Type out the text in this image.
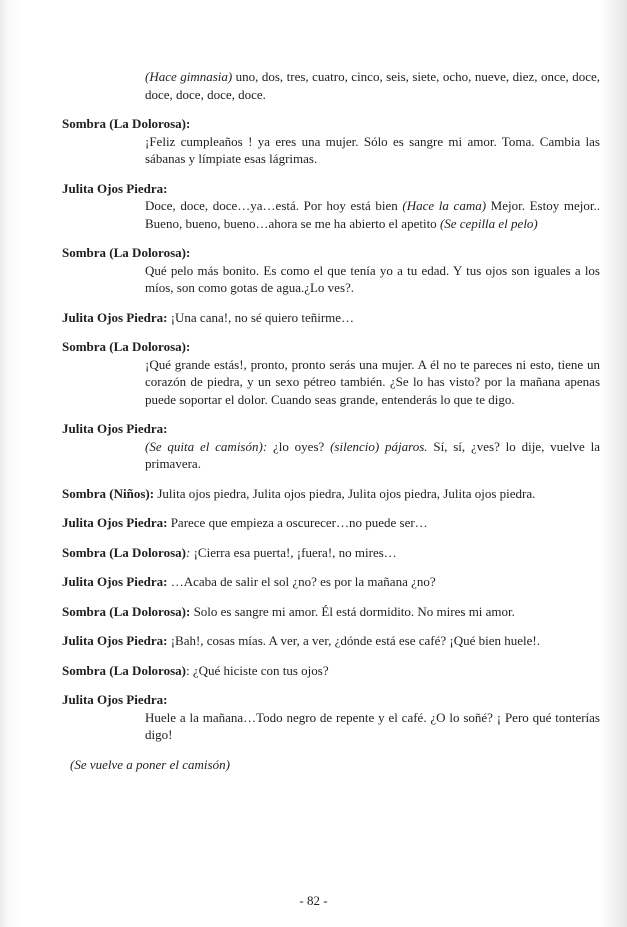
(Hace gimnasia) uno, dos, tres, cuatro, cinco, seis, siete, ocho, nueve, diez, once, doce, doce, doce, doce, doce.
Sombra (La Dolorosa):
¡Feliz cumpleaños ! ya eres una mujer. Sólo es sangre mi amor. Toma. Cambia las sábanas y límpiate esas lágrimas.
Julita Ojos Piedra:
Doce, doce, doce…ya…está. Por hoy está bien (Hace la cama) Mejor. Estoy mejor.. Bueno, bueno, bueno…ahora se me ha abierto el apetito (Se cepilla el pelo)
Sombra (La Dolorosa):
Qué pelo más bonito. Es como el que tenía yo a tu edad. Y tus ojos son iguales a los míos, son como gotas de agua.¿Lo ves?.
Julita Ojos Piedra: ¡Una cana!, no sé quiero teñirme…
Sombra (La Dolorosa):
¡Qué grande estás!, pronto, pronto serás una mujer. A él no te pareces ni esto, tiene un corazón de piedra, y un sexo pétreo también. ¿Se lo has visto? por la mañana apenas puede soportar el dolor. Cuando seas grande, entenderás lo que te digo.
Julita Ojos Piedra:
(Se quita el camisón): ¿lo oyes? (silencio) pájaros. Sí, sí, ¿ves? lo dije, vuelve la primavera.
Sombra (Niños): Julita ojos piedra, Julita ojos piedra, Julita ojos piedra, Julita ojos piedra.
Julita Ojos Piedra: Parece que empieza a oscurecer…no puede ser…
Sombra (La Dolorosa): ¡Cierra esa puerta!, ¡fuera!, no mires…
Julita Ojos Piedra: …Acaba de salir el sol ¿no? es por la mañana ¿no?
Sombra (La Dolorosa): Solo es sangre mi amor. Él está dormidito. No mires mi amor.
Julita Ojos Piedra: ¡Bah!, cosas mías. A ver, a ver, ¿dónde está ese café? ¡Qué bien huele!.
Sombra (La Dolorosa): ¿Qué hiciste con tus ojos?
Julita Ojos Piedra:
Huele a la mañana…Todo negro de repente y el café. ¿O lo soñé? ¡ Pero qué tonterías digo!
(Se vuelve a poner el camisón)
- 82 -
